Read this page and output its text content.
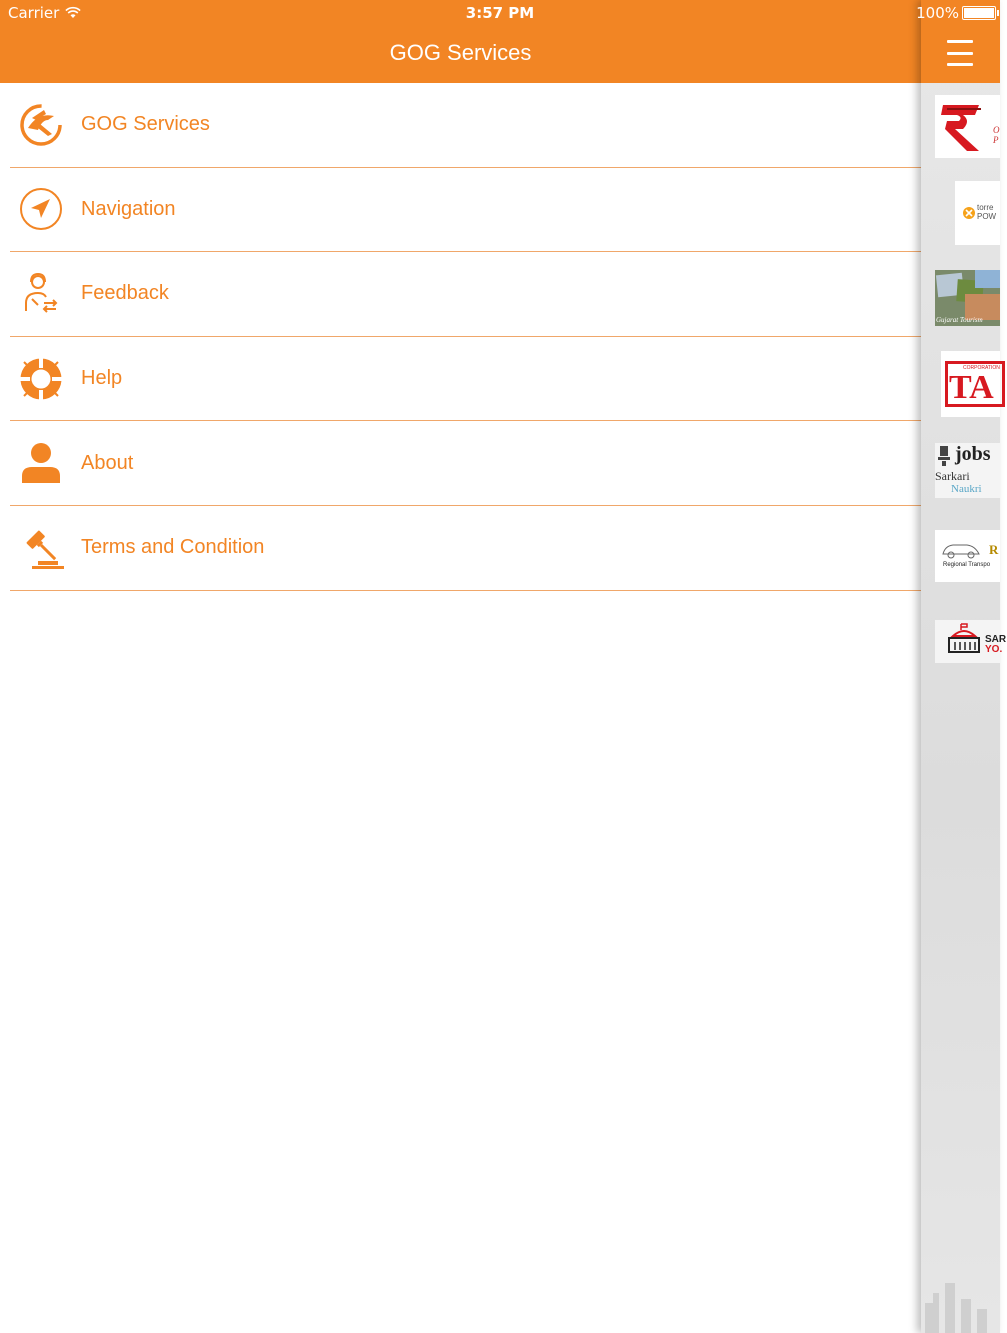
Carrier
GOG Services
GOG Services
Navigation
Feedback
Help
About
Terms and Condition
3:57 PM	100%
O P
torre POW
Gujarat Tourism
CORPORATION
TA
jobs
Sarkari
Naukri
R
Regional Transpo
SAR
YO.
